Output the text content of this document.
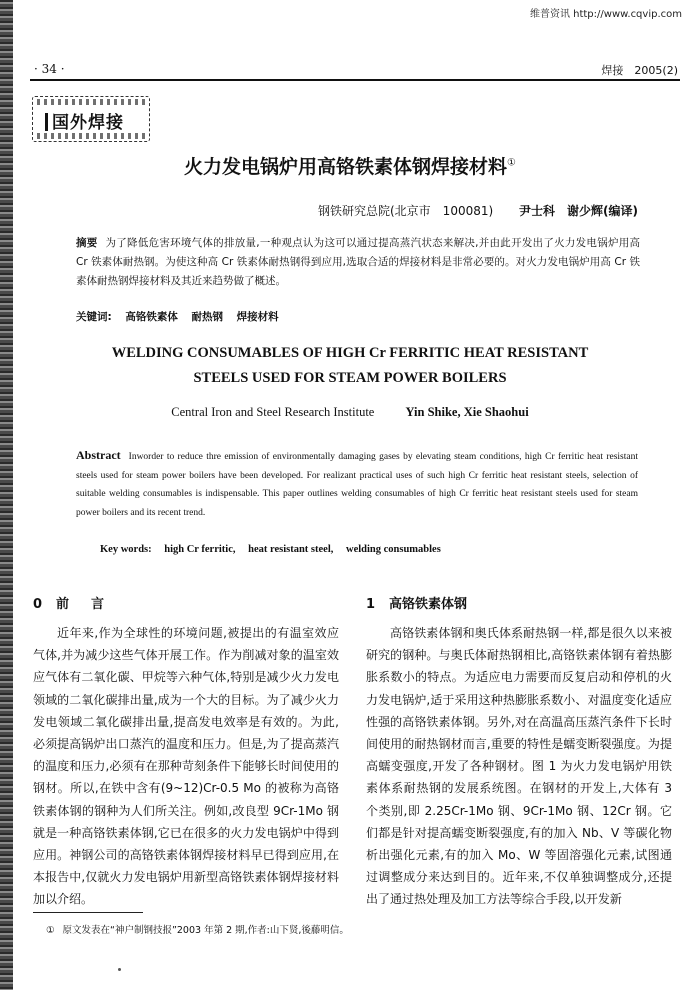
维普资讯 http://www.cqvip.com
· 34 ·	焊接　2005(2)
国外焊接
火力发电锅炉用高铬铁素体钢焊接材料①
钢铁研究总院(北京市　100081) 尹士科　谢少辉(编译)
摘要 为了降低危害环境气体的排放量,一种观点认为这可以通过提高蒸汽状态来解决,并由此开发出了火力发电锅炉用高 Cr 铁素体耐热钢。为使这种高 Cr 铁素体耐热钢得到应用,选取合适的焊接材料是非常必要的。对火力发电锅炉用高 Cr 铁素体耐热钢焊接材料及其近来趋势做了概述。
关键词: 高铬铁素体 耐热钢 焊接材料
WELDING CONSUMABLES OF HIGH Cr FERRITIC HEAT RESISTANT
STEELS USED FOR STEAM POWER BOILERS
Central Iron and Steel Research Institute Yin Shike, Xie Shaohui
Abstract Inworder to reduce thre emission of environmentally damaging gases by elevating steam conditions, high Cr ferritic heat resistant steels used for steam power boilers have been developed. For realizant practical uses of such high Cr ferritic heat resistant steels, selection of suitable welding consumables is indispensable. This paper outlines welding consumables of high Cr ferritic heat resistant steels used for steam power boilers and its recent trend.
Key words: high Cr ferritic, heat resistant steel, welding consumables
0 前言	1 高铬铁素体钢

近年来,作为全球性的环境问题,被提出的有温室效应气体,并为减少这些气体开展工作。作为削减对象的温室效应气体有二氧化碳、甲烷等六种气体,特别是减少火力发电领域的二氧化碳排出量,成为一个大的目标。为了减少火力发电领域二氧化碳排出量,提高发电效率是有效的。为此,必须提高锅炉出口蒸汽的温度和压力。但是,为了提高蒸汽的温度和压力,必须有在那种苛刻条件下能够长时间使用的钢材。所以,在铁中含有(9~12)Cr-0.5 Mo 的被称为高铬铁素体钢的钢种为人们所关注。例如,改良型 9Cr-1Mo 钢就是一种高铬铁素体钢,它已在很多的火力发电锅炉中得到应用。神钢公司的高铬铁素体钢焊接材料早已得到应用,在本报告中,仅就火力发电锅炉用新型高铬铁素体钢焊接材料加以介绍。

高铬铁素体钢和奥氏体系耐热钢一样,都是很久以来被研究的钢种。与奥氏体耐热钢相比,高铬铁素体钢有着热膨胀系数小的特点。为适应电力需要而反复启动和停机的火力发电锅炉,适于采用这种热膨胀系数小、对温度变化适应性强的高铬铁素体钢。另外,对在高温高压蒸汽条件下长时间使用的耐热钢材而言,重要的特性是蠕变断裂强度。为提高蠕变强度,开发了各种钢材。图 1 为火力发电锅炉用铁素体系耐热钢的发展系统图。在钢材的开发上,大体有 3 个类别,即 2.25Cr-1Mo 钢、9Cr-1Mo 钢、12Cr 钢。它们都是针对提高蠕变断裂强度,有的加入 Nb、V 等碳化物析出强化元素,有的加入 Mo、W 等固溶强化元素,试图通过调整成分来达到目的。近年来,不仅单独调整成分,还提出了通过热处理及加工方法等综合手段,以开发新

① 原文发表在“神户制钢技报”2003 年第 2 期,作者:山下贤,後藤明信。
